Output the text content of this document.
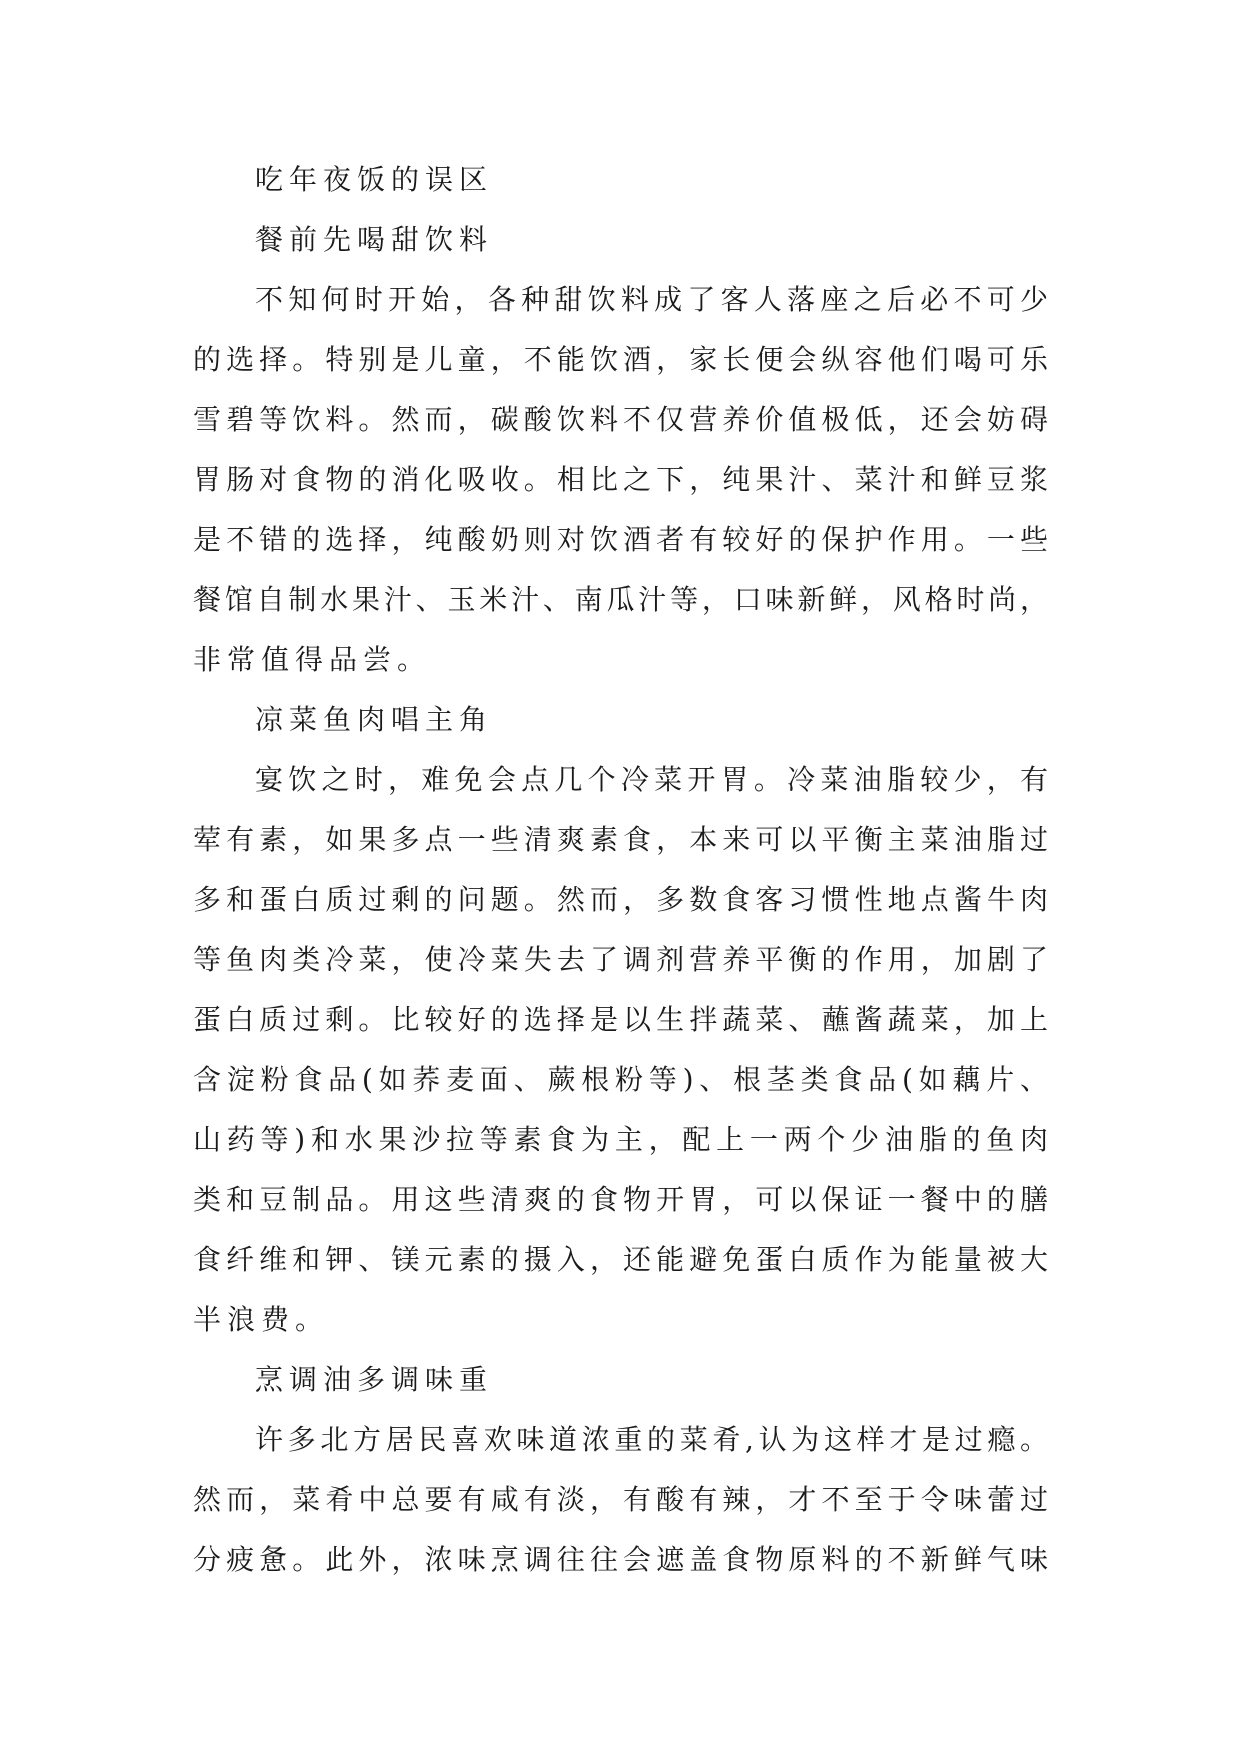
吃年夜饭的误区
餐前先喝甜饮料
不知何时开始，各种甜饮料成了客人落座之后必不可少
的选择。特别是儿童，不能饮酒，家长便会纵容他们喝可乐
雪碧等饮料。然而，碳酸饮料不仅营养价值极低，还会妨碍
胃肠对食物的消化吸收。相比之下，纯果汁、菜汁和鲜豆浆
是不错的选择，纯酸奶则对饮酒者有较好的保护作用。一些
餐馆自制水果汁、玉米汁、南瓜汁等，口味新鲜，风格时尚，
非常值得品尝。
凉菜鱼肉唱主角
宴饮之时，难免会点几个冷菜开胃。冷菜油脂较少，有
荤有素，如果多点一些清爽素食，本来可以平衡主菜油脂过
多和蛋白质过剩的问题。然而，多数食客习惯性地点酱牛肉
等鱼肉类冷菜，使冷菜失去了调剂营养平衡的作用，加剧了
蛋白质过剩。比较好的选择是以生拌蔬菜、蘸酱蔬菜，加上
含淀粉食品(如荞麦面、蕨根粉等)、根茎类食品(如藕片、
山药等)和水果沙拉等素食为主，配上一两个少油脂的鱼肉
类和豆制品。用这些清爽的食物开胃，可以保证一餐中的膳
食纤维和钾、镁元素的摄入，还能避免蛋白质作为能量被大
半浪费。
烹调油多调味重
许多北方居民喜欢味道浓重的菜肴,认为这样才是过瘾。
然而，菜肴中总要有咸有淡，有酸有辣，才不至于令味蕾过
分疲惫。此外，浓味烹调往往会遮盖食物原料的不新鲜气味
